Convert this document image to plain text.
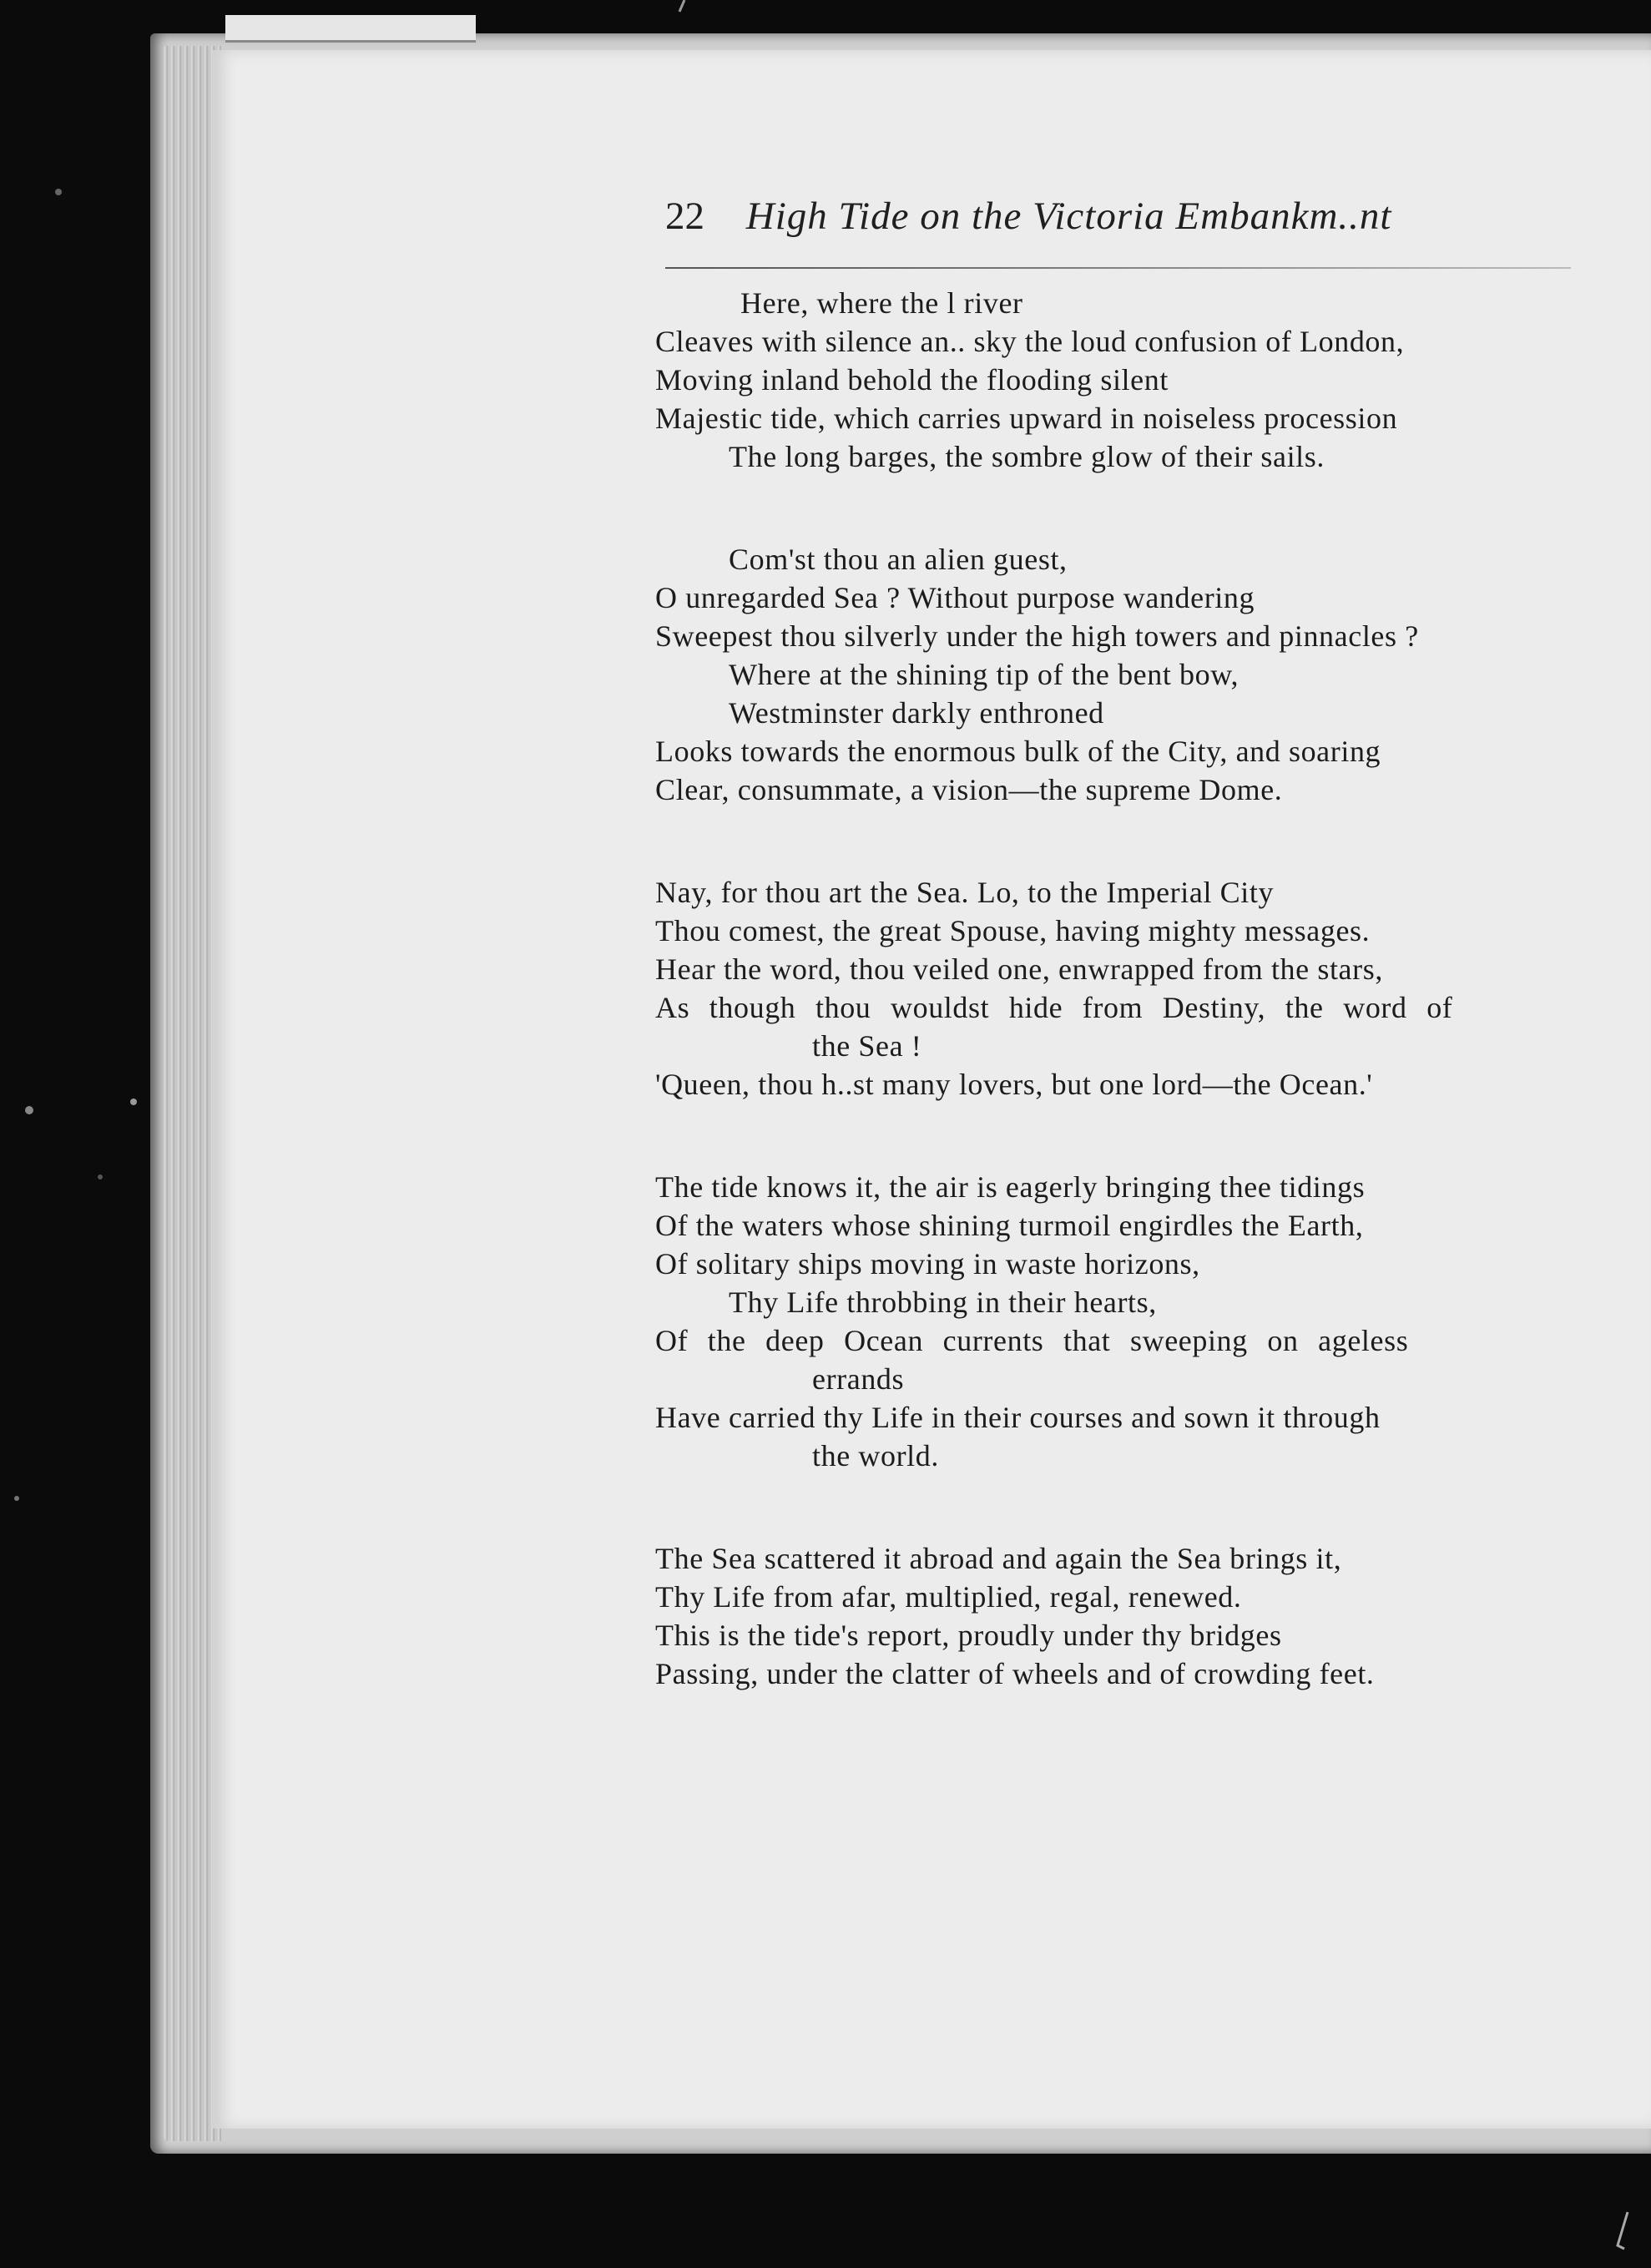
22 High Tide on the Victoria Embankm..nt
Here, where the l river
Cleaves with silence an.. sky the loud confusion of London,
Moving inland behold the flooding silent
Majestic tide, which carries upward in noiseless procession
The long barges, the sombre glow of their sails.
Com'st thou an alien guest,
O unregarded Sea ? Without purpose wandering
Sweepest thou silverly under the high towers and pinnacles ?
Where at the shining tip of the bent bow,
Westminster darkly enthroned
Looks towards the enormous bulk of the City, and soaring
Clear, consummate, a vision—the supreme Dome.
Nay, for thou art the Sea. Lo, to the Imperial City
Thou comest, the great Spouse, having mighty messages.
Hear the word, thou veiled one, enwrapped from the stars,
As though thou wouldst hide from Destiny, the word of
the Sea !
'Queen, thou h..st many lovers, but one lord—the Ocean.'
The tide knows it, the air is eagerly bringing thee tidings
Of the waters whose shining turmoil engirdles the Earth,
Of solitary ships moving in waste horizons,
Thy Life throbbing in their hearts,
Of the deep Ocean currents that sweeping on ageless
errands
Have carried thy Life in their courses and sown it through
the world.
The Sea scattered it abroad and again the Sea brings it,
Thy Life from afar, multiplied, regal, renewed.
This is the tide's report, proudly under thy bridges
Passing, under the clatter of wheels and of crowding feet.
